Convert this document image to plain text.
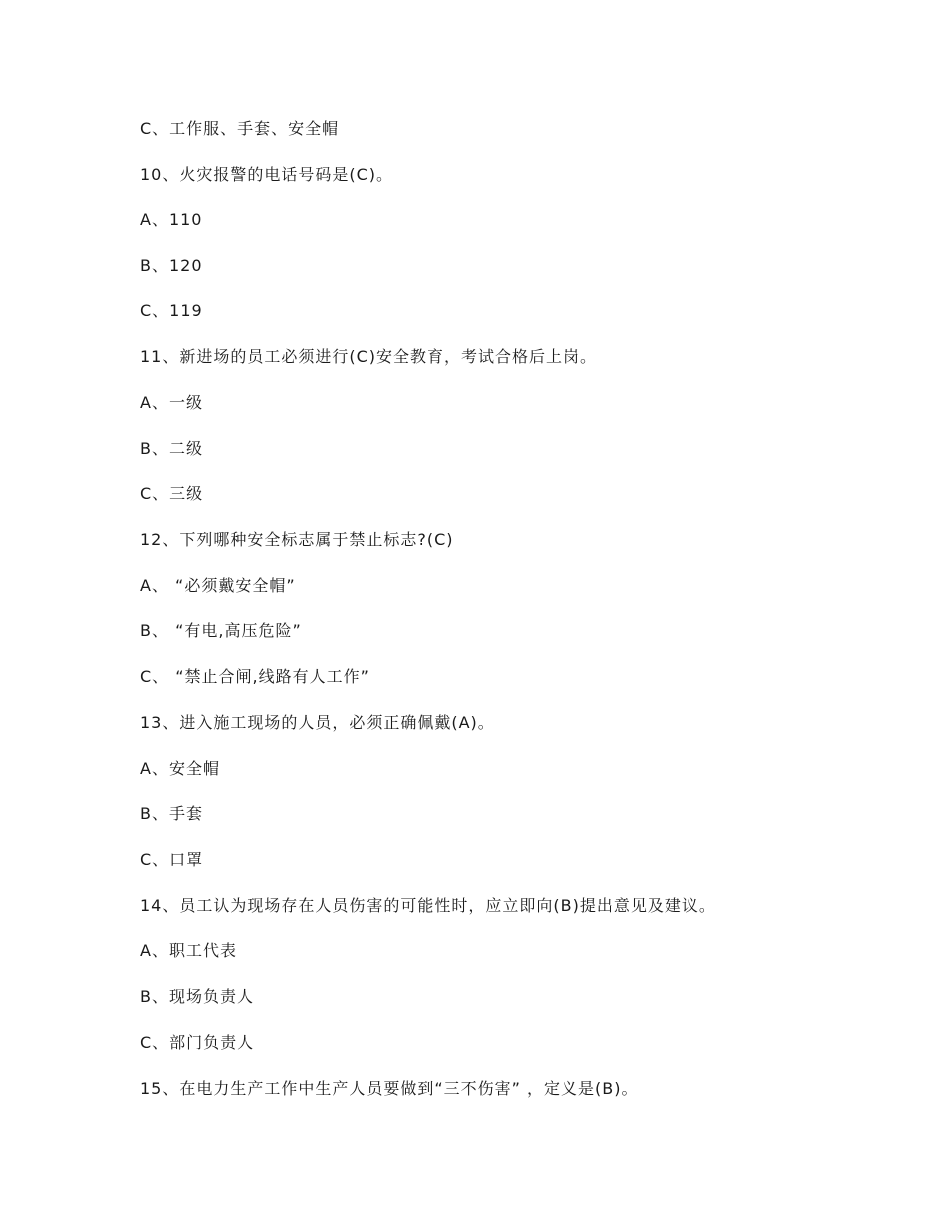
C、工作服、手套、安全帽
10、火灾报警的电话号码是(C)。
A、110
B、120
C、119
11、新进场的员工必须进行(C)安全教育，考试合格后上岗。
A、一级
B、二级
C、三级
12、下列哪种安全标志属于禁止标志?(C)
A、 “必须戴安全帽”
B、 “有电,高压危险”
C、 “禁止合闸,线路有人工作”
13、进入施工现场的人员，必须正确佩戴(A)。
A、安全帽
B、手套
C、口罩
14、员工认为现场存在人员伤害的可能性时，应立即向(B)提出意见及建议。
A、职工代表
B、现场负责人
C、部门负责人
15、在电力生产工作中生产人员要做到“三不伤害” ，定义是(B)。
